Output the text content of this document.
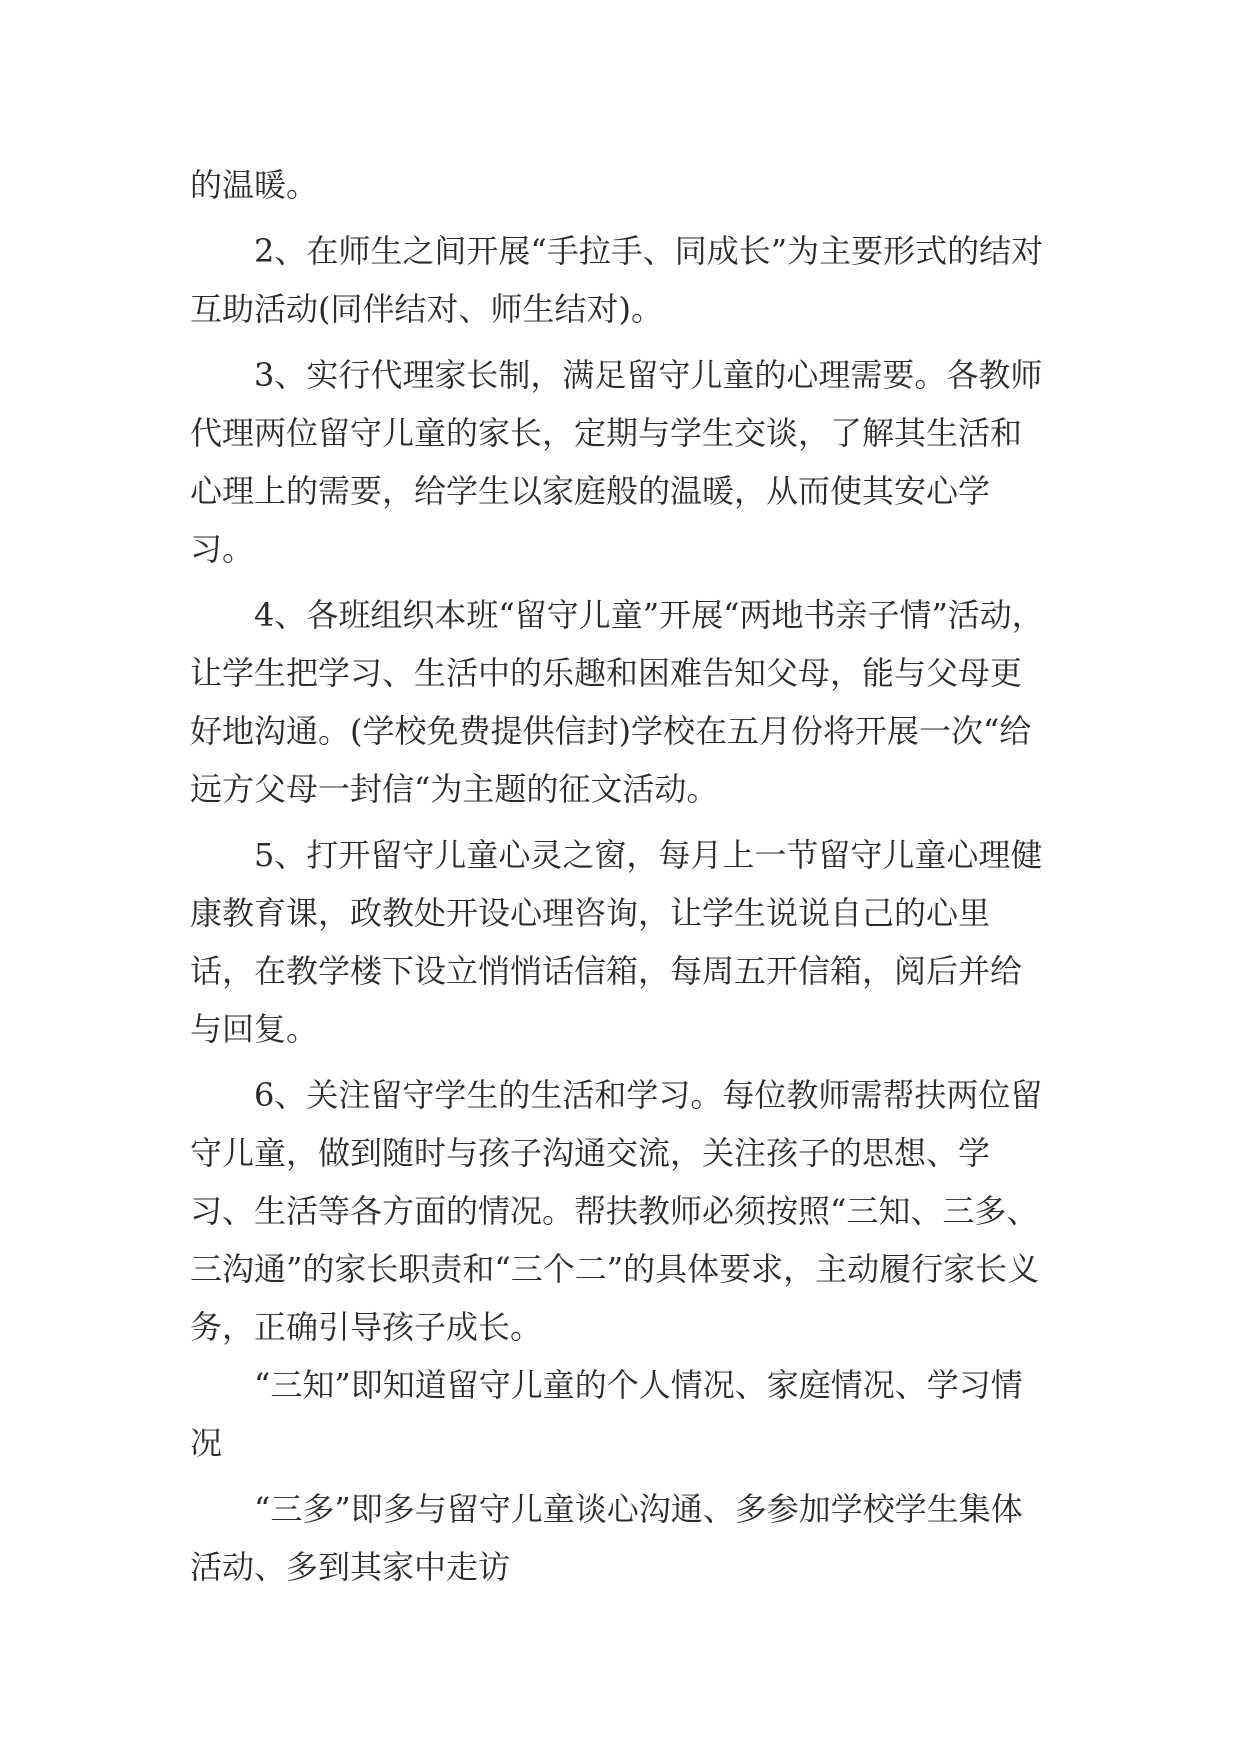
的温暖。

2、在师生之间开展“手拉手、同成长”为主要形式的结对互助活动(同伴结对、师生结对)。

3、实行代理家长制，满足留守儿童的心理需要。各教师代理两位留守儿童的家长，定期与学生交谈，了解其生活和心理上的需要，给学生以家庭般的温暖，从而使其安心学习。

4、各班组织本班“留守儿童”开展“两地书亲子情”活动，让学生把学习、生活中的乐趣和困难告知父母，能与父母更好地沟通。(学校免费提供信封)学校在五月份将开展一次“给远方父母一封信“为主题的征文活动。

5、打开留守儿童心灵之窗，每月上一节留守儿童心理健康教育课，政教处开设心理咨询，让学生说说自己的心里话，在教学楼下设立悄悄话信箱，每周五开信箱，阅后并给与回复。

6、关注留守学生的生活和学习。每位教师需帮扶两位留守儿童，做到随时与孩子沟通交流，关注孩子的思想、学习、生活等各方面的情况。帮扶教师必须按照“三知、三多、三沟通”的家长职责和“三个二”的具体要求，主动履行家长义务，正确引导孩子成长。

“三知”即知道留守儿童的个人情况、家庭情况、学习情况

“三多”即多与留守儿童谈心沟通、多参加学校学生集体活动、多到其家中走访
